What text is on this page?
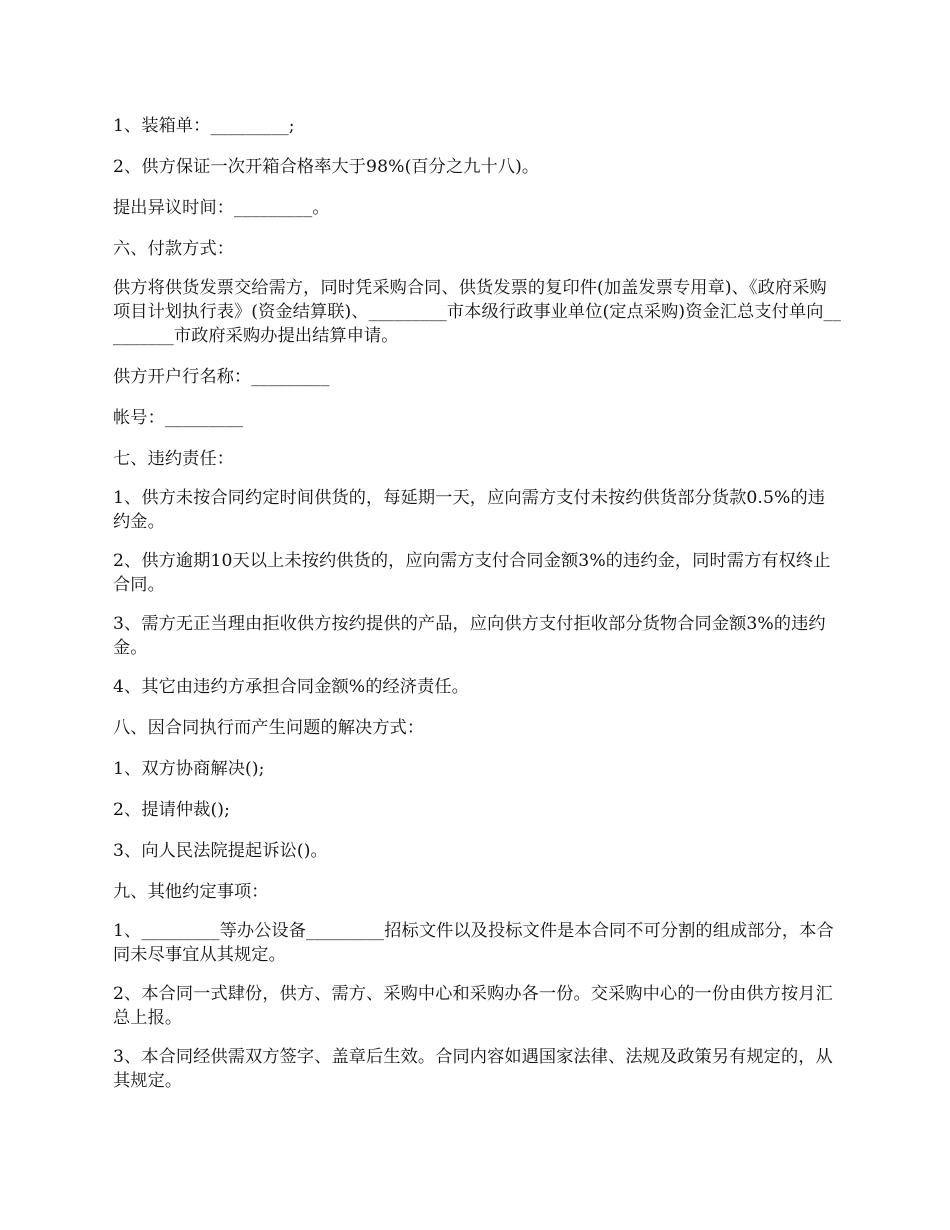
1、装箱单：_________;

2、供方保证一次开箱合格率大于98%(百分之九十八)。

提出异议时间：_________。

六、付款方式：

供方将供货发票交给需方，同时凭采购合同、供货发票的复印件(加盖发票专用章)、《政府采购项目计划执行表》(资金结算联)、_________市本级行政事业单位(定点采购)资金汇总支付单向_________市政府采购办提出结算申请。

供方开户行名称：_________

帐号：_________

七、违约责任：

1、供方未按合同约定时间供货的，每延期一天，应向需方支付未按约供货部分货款0.5%的违约金。

2、供方逾期10天以上未按约供货的，应向需方支付合同金额3%的违约金，同时需方有权终止合同。

3、需方无正当理由拒收供方按约提供的产品，应向供方支付拒收部分货物合同金额3%的违约金。

4、其它由违约方承担合同金额%的经济责任。

八、因合同执行而产生问题的解决方式：

1、双方协商解决();

2、提请仲裁();

3、向人民法院提起诉讼()。

九、其他约定事项：

1、_________等办公设备_________招标文件以及投标文件是本合同不可分割的组成部分，本合同未尽事宜从其规定。

2、本合同一式肆份，供方、需方、采购中心和采购办各一份。交采购中心的一份由供方按月汇总上报。

3、本合同经供需双方签字、盖章后生效。合同内容如遇国家法律、法规及政策另有规定的，从其规定。
